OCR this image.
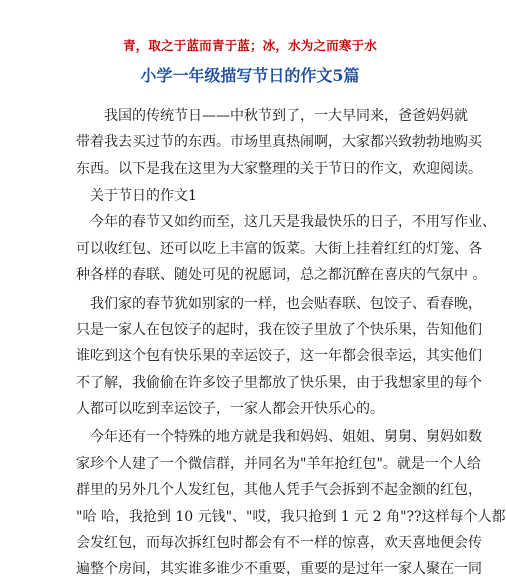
青，取之于蓝而青于蓝；冰，水为之而寒于水
小学一年级描写节日的作文5篇
　　我国的传统节日——中秋节到了，一大早同来，爸爸妈妈就
带着我去买过节的东西。市场里真热闹啊，大家都兴致勃勃地购买
东西。以下是我在这里为大家整理的关于节日的作文，欢迎阅读。
　关于节日的作文1
　今年的春节又如约而至，这几天是我最快乐的日子，不用写作业、
可以收红包、还可以吃上丰富的饭菜。大街上挂着红红的灯笼、各
种各样的春联、随处可见的祝愿词，总之都沉醉在喜庆的气氛中 。
　我们家的春节犹如别家的一样，也会贴春联、包饺子、看春晚，
只是一家人在包饺子的起时，我在饺子里放了个快乐果，告知他们
谁吃到这个包有快乐果的幸运饺子，这一年都会很幸运，其实他们
不了解，我偷偷在许多饺子里都放了快乐果，由于我想家里的每个
人都可以吃到幸运饺子，一家人都会开快乐心的。
　今年还有一个特殊的地方就是我和妈妈、姐姐、舅舅、舅妈如数
家珍个人建了一个微信群，并同名为"羊年抢红包"。就是一个人给
群里的另外几个人发红包，其他人凭手气会拆到不起金额的红包，
"哈 哈，我抢到 10 元钱"、"哎，我只抢到 1 元 2 角"??这样每个人都
会发红包，而每次拆红包时都会有不一样的惊喜，欢天喜地便会传
遍整个房间，其实谁多谁少不重要，重要的是过年一家人聚在一同
